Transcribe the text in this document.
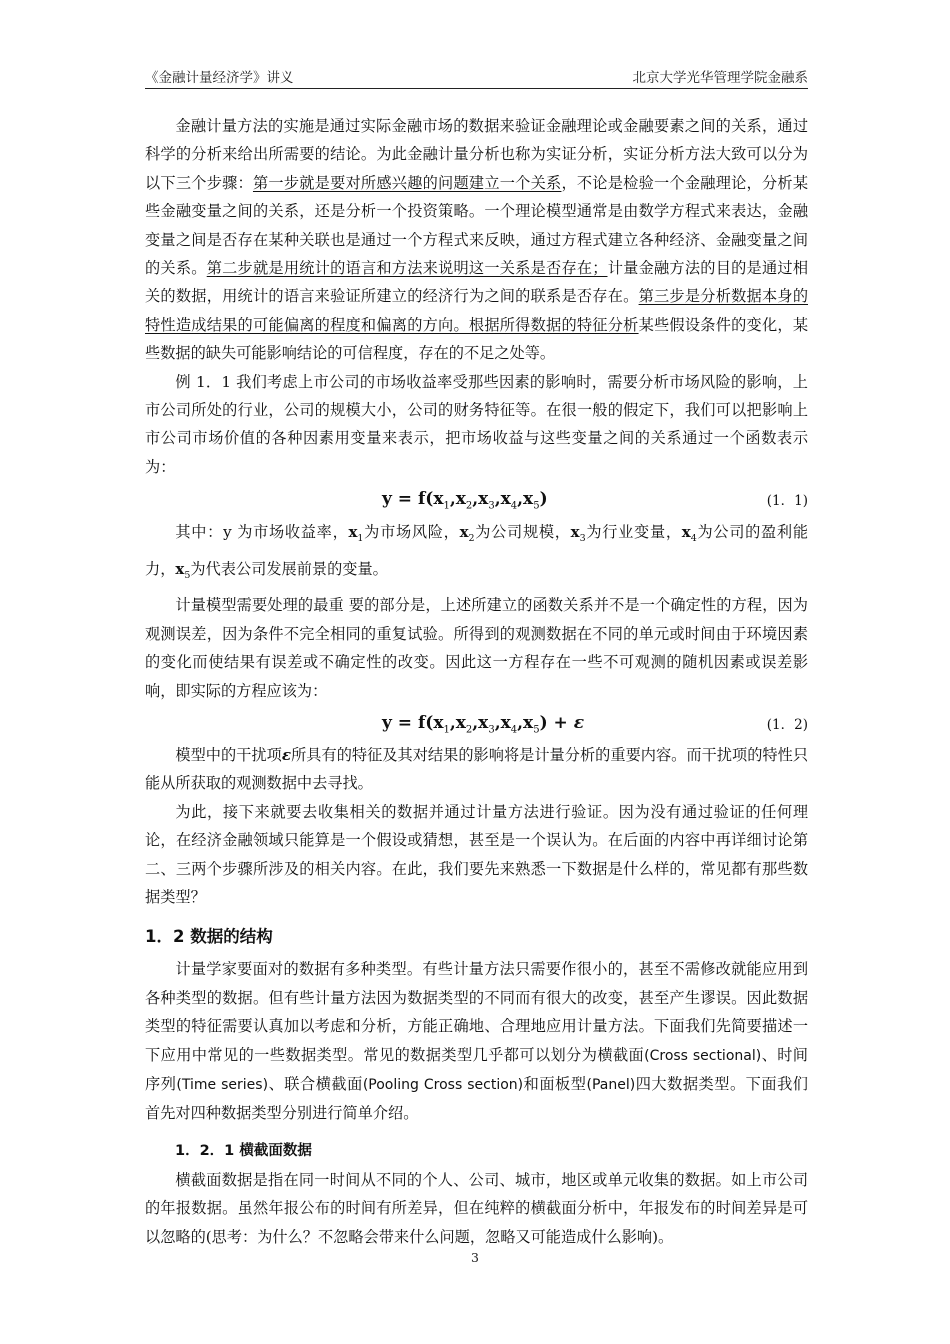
《金融计量经济学》讲义	北京大学光华管理学院金融系

金融计量方法的实施是通过实际金融市场的数据来验证金融理论或金融要素之间的关系，通过科学的分析来给出所需要的结论。为此金融计量分析也称为实证分析，实证分析方法大致可以分为以下三个步骤：第一步就是要对所感兴趣的问题建立一个关系，不论是检验一个金融理论，分析某些金融变量之间的关系，还是分析一个投资策略。一个理论模型通常是由数学方程式来表达，金融变量之间是否存在某种关联也是通过一个方程式来反映，通过方程式建立各种经济、金融变量之间的关系。第二步就是用统计的语言和方法来说明这一关系是否存在；计量金融方法的目的是通过相关的数据，用统计的语言来验证所建立的经济行为之间的联系是否存在。第三步是分析数据本身的特性造成结果的可能偏离的程度和偏离的方向。根据所得数据的特征分析某些假设条件的变化，某些数据的缺失可能影响结论的可信程度，存在的不足之处等。

例 1．1 我们考虑上市公司的市场收益率受那些因素的影响时，需要分析市场风险的影响，上市公司所处的行业，公司的规模大小，公司的财务特征等。在很一般的假定下，我们可以把影响上市公司市场价值的各种因素用变量来表示，把市场收益与这些变量之间的关系通过一个函数表示为：

$y = f(x_1,x_2,x_3,x_4,x_5)$	(1．1)

其中：y 为市场收益率，$x_1$为市场风险，$x_2$为公司规模，$x_3$为行业变量，$x_4$为公司的盈利能力，$x_5$为代表公司发展前景的变量。

计量模型需要处理的最重 要的部分是，上述所建立的函数关系并不是一个确定性的方程，因为观测误差，因为条件不完全相同的重复试验。所得到的观测数据在不同的单元或时间由于环境因素的变化而使结果有误差或不确定性的改变。因此这一方程存在一些不可观测的随机因素或误差影响，即实际的方程应该为：

$y = f(x_1,x_2,x_3,x_4,x_5) + \varepsilon$	(1．2)

模型中的干扰项ε所具有的特征及其对结果的影响将是计量分析的重要内容。而干扰项的特性只能从所获取的观测数据中去寻找。

为此，接下来就要去收集相关的数据并通过计量方法进行验证。因为没有通过验证的任何理论，在经济金融领域只能算是一个假设或猜想，甚至是一个误认为。在后面的内容中再详细讨论第二、三两个步骤所涉及的相关内容。在此，我们要先来熟悉一下数据是什么样的，常见都有那些数据类型？

1．2 数据的结构

计量学家要面对的数据有多种类型。有些计量方法只需要作很小的，甚至不需修改就能应用到各种类型的数据。但有些计量方法因为数据类型的不同而有很大的改变，甚至产生谬误。因此数据类型的特征需要认真加以考虑和分析，方能正确地、合理地应用计量方法。下面我们先简要描述一下应用中常见的一些数据类型。常见的数据类型几乎都可以划分为横截面(Cross sectional)、时间序列(Time series)、联合横截面(Pooling Cross section)和面板型(Panel)四大数据类型。下面我们首先对四种数据类型分别进行简单介绍。

1．2．1 横截面数据

横截面数据是指在同一时间从不同的个人、公司、城市，地区或单元收集的数据。如上市公司的年报数据。虽然年报公布的时间有所差异，但在纯粹的横截面分析中，年报发布的时间差异是可以忽略的(思考：为什么？不忽略会带来什么问题，忽略又可能造成什么影响)。

3
